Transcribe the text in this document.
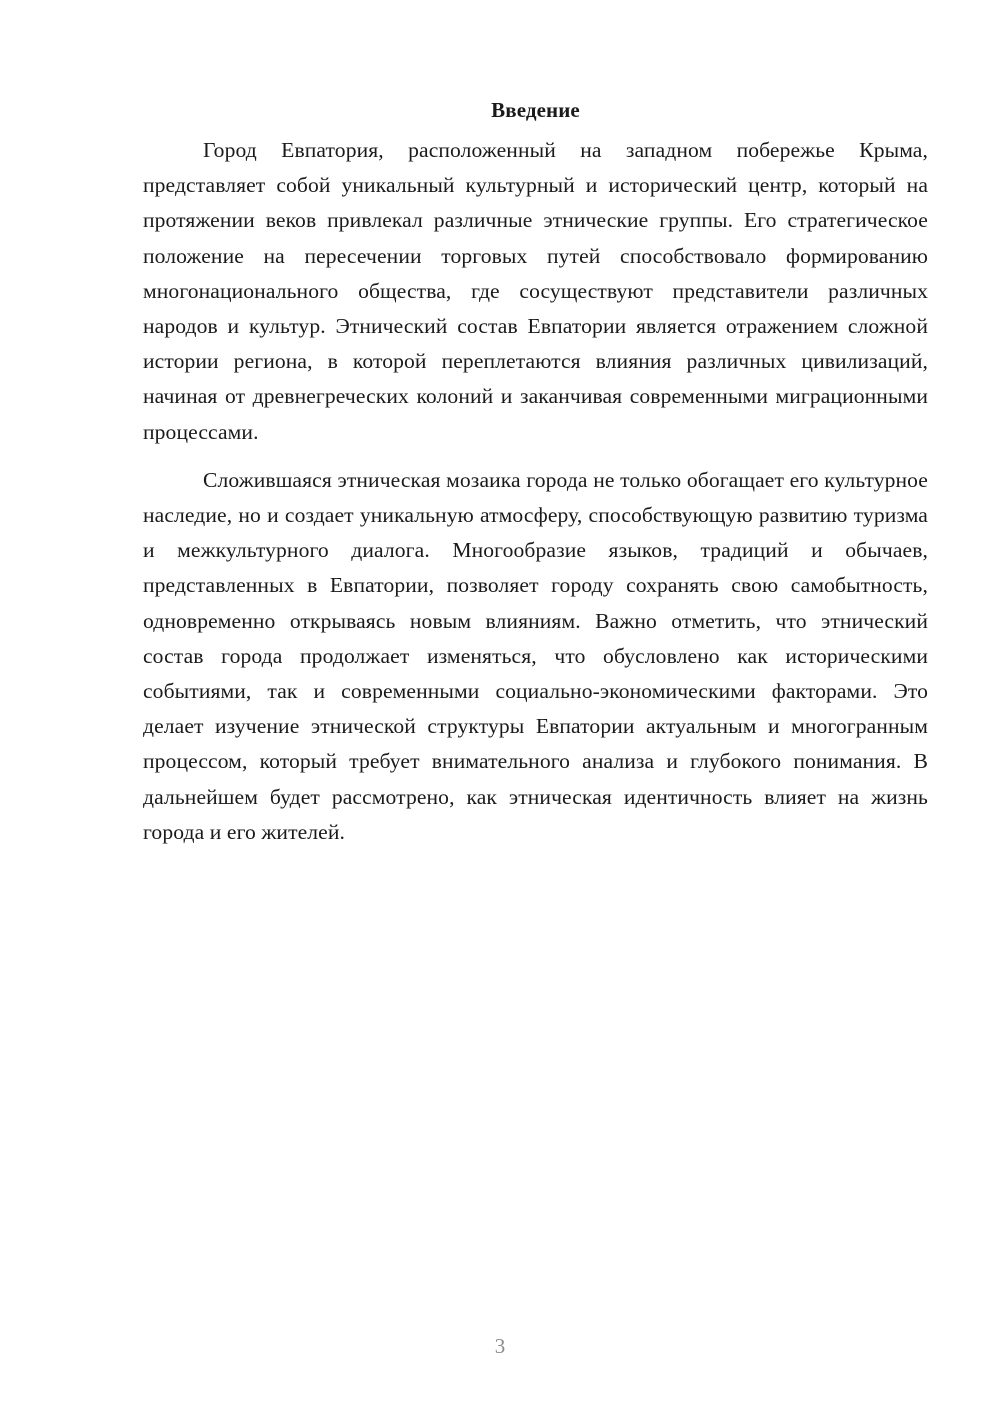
Введение

Город Евпатория, расположенный на западном побережье Крыма, представляет собой уникальный культурный и исторический центр, который на протяжении веков привлекал различные этнические группы. Его стратегическое положение на пересечении торговых путей способствовало формированию многонационального общества, где сосуществуют представители различных народов и культур. Этнический состав Евпатории является отражением сложной истории региона, в которой переплетаются влияния различных цивилизаций, начиная от древнегреческих колоний и заканчивая современными миграционными процессами.

Сложившаяся этническая мозаика города не только обогащает его культурное наследие, но и создает уникальную атмосферу, способствующую развитию туризма и межкультурного диалога. Многообразие языков, традиций и обычаев, представленных в Евпатории, позволяет городу сохранять свою самобытность, одновременно открываясь новым влияниям. Важно отметить, что этнический состав города продолжает изменяться, что обусловлено как историческими событиями, так и современными социально-экономическими факторами. Это делает изучение этнической структуры Евпатории актуальным и многогранным процессом, который требует внимательного анализа и глубокого понимания. В дальнейшем будет рассмотрено, как этническая идентичность влияет на жизнь города и его жителей.

3
